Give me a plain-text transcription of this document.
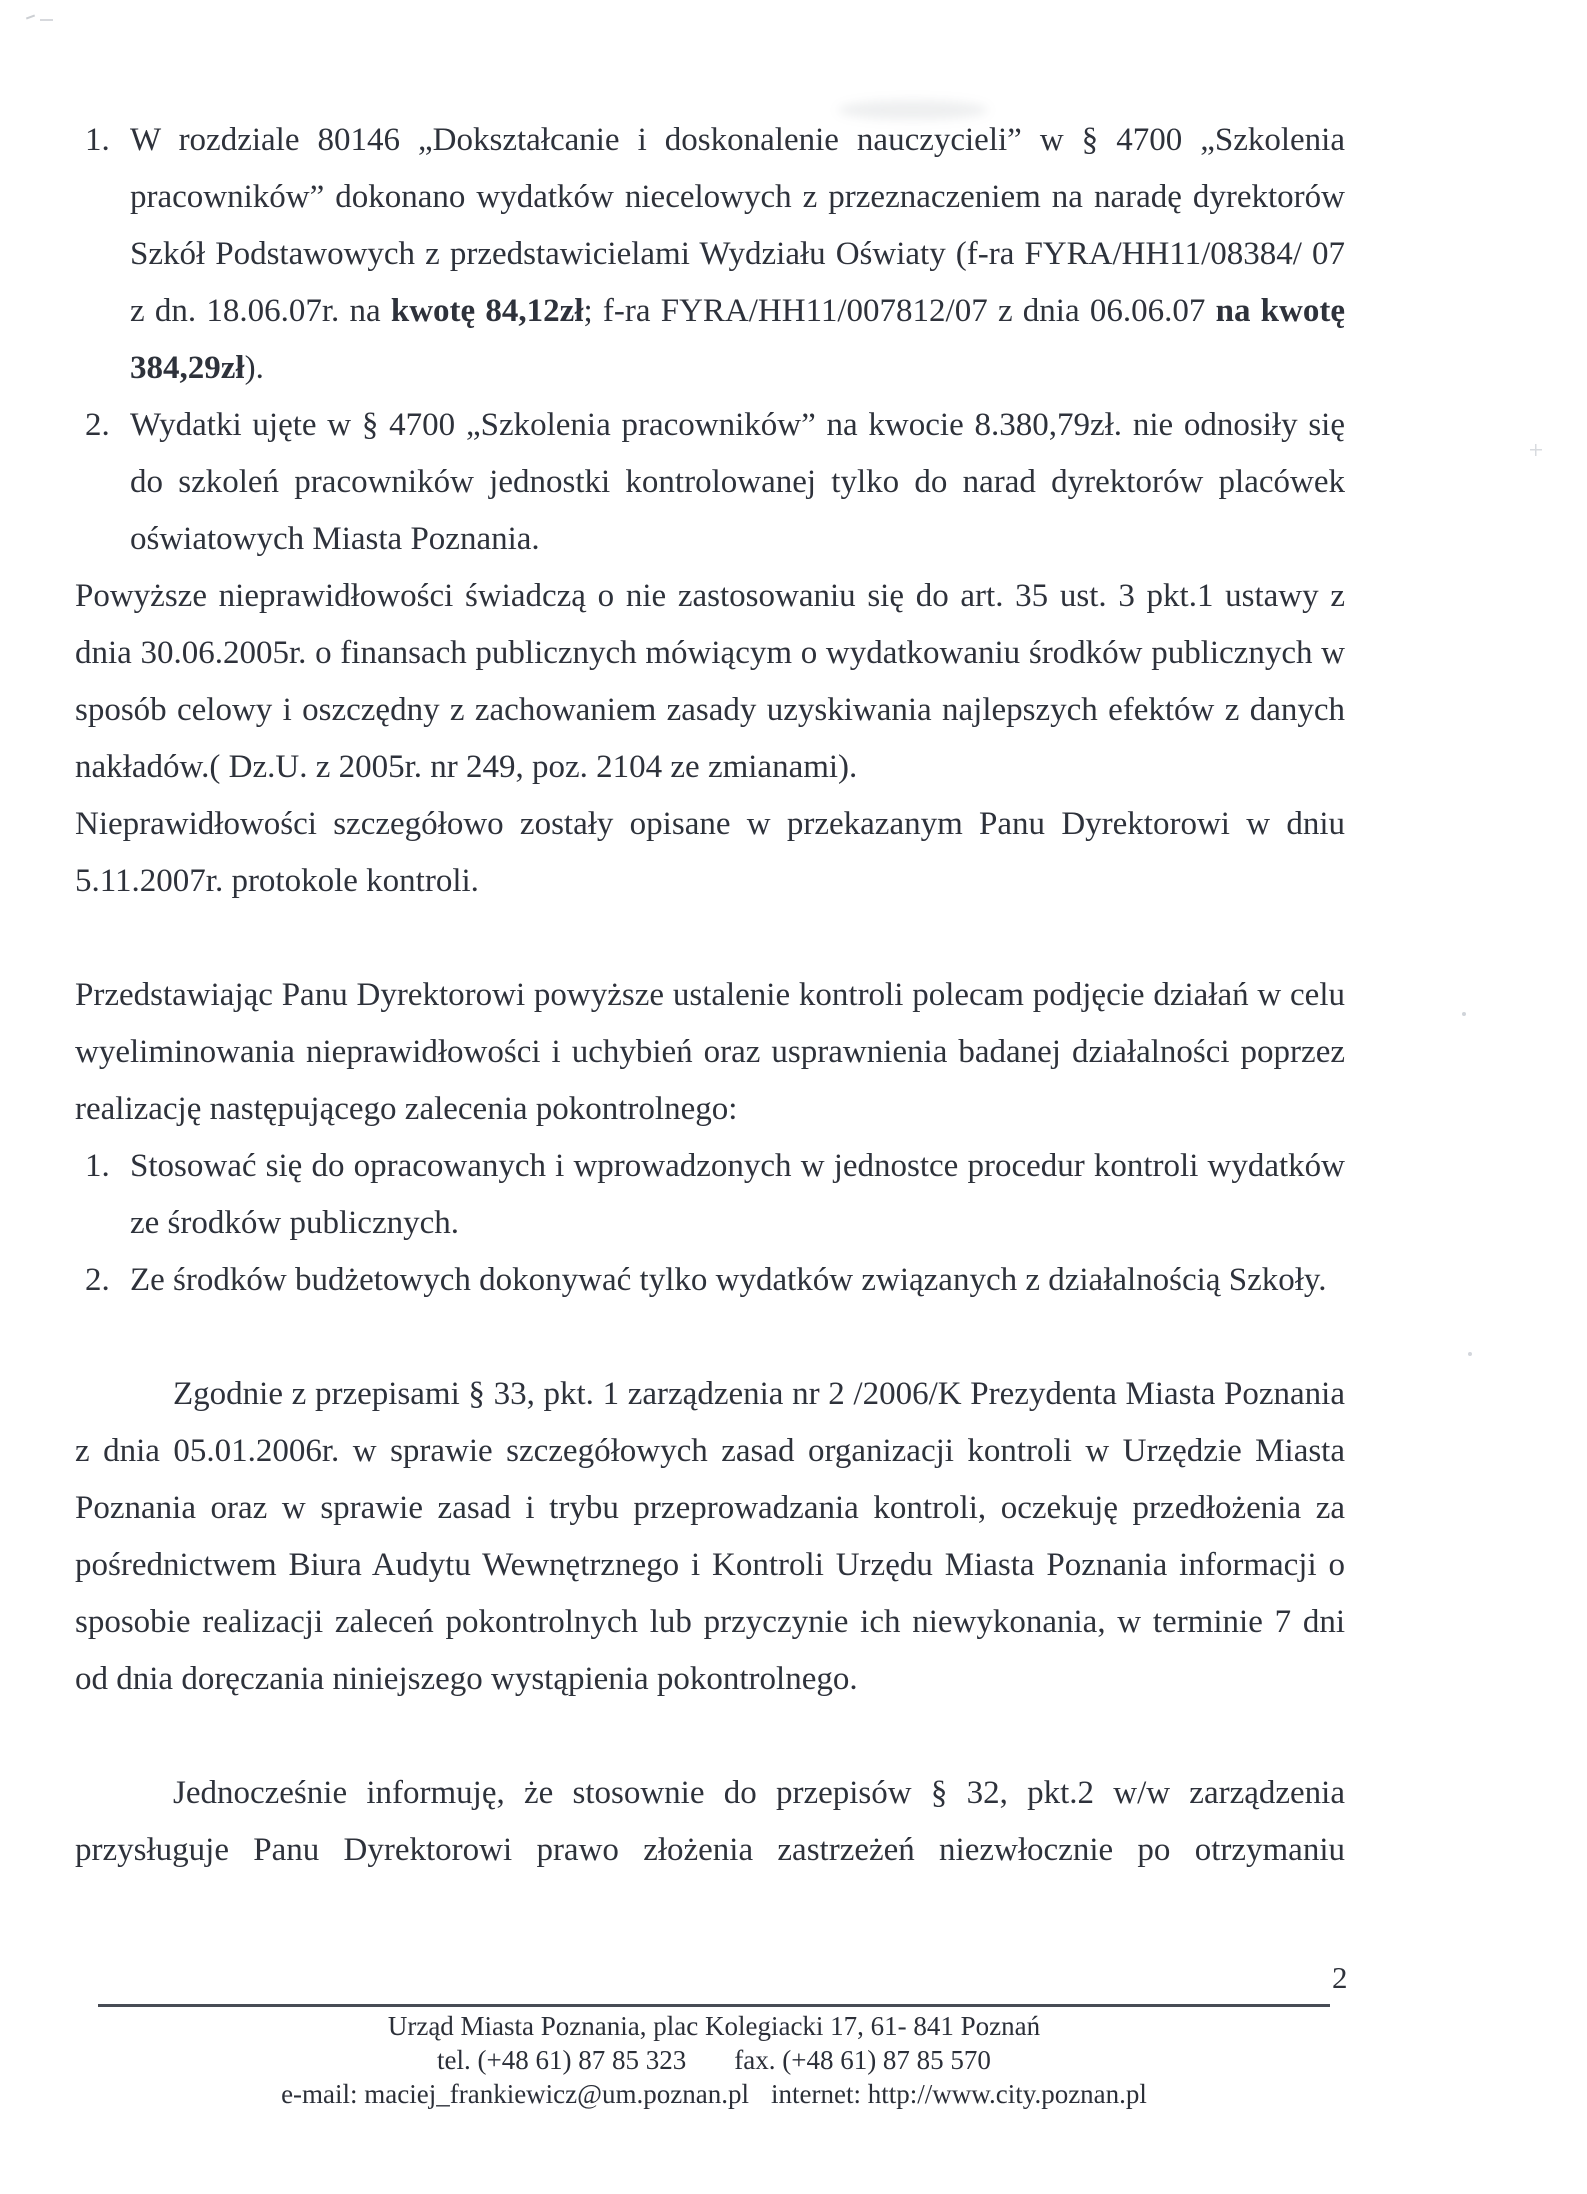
1. W rozdziale 80146 „Dokształcanie i doskonalenie nauczycieli” w § 4700 „Szkolenia pracowników” dokonano wydatków niecelowych z przeznaczeniem na naradę dyrektorów Szkół Podstawowych z przedstawicielami Wydziału Oświaty (f-ra FYRA/HH11/08384/ 07 z dn. 18.06.07r. na kwotę 84,12zł; f-ra FYRA/HH11/007812/07 z dnia 06.06.07 na kwotę 384,29zł).
2. Wydatki ujęte w § 4700 „Szkolenia pracowników” na kwocie 8.380,79zł. nie odnosiły się do szkoleń pracowników jednostki kontrolowanej tylko do narad dyrektorów placówek oświatowych Miasta Poznania.

Powyższe nieprawidłowości świadczą o nie zastosowaniu się do art. 35 ust. 3 pkt.1 ustawy z dnia 30.06.2005r. o finansach publicznych mówiącym o wydatkowaniu środków publicznych w sposób celowy i oszczędny z zachowaniem zasady uzyskiwania najlepszych efektów z danych nakładów.( Dz.U. z 2005r. nr 249, poz. 2104 ze zmianami).

Nieprawidłowości szczegółowo zostały opisane w przekazanym Panu Dyrektorowi w dniu 5.11.2007r. protokole kontroli.

Przedstawiając Panu Dyrektorowi powyższe ustalenie kontroli polecam podjęcie działań w celu wyeliminowania nieprawidłowości i uchybień oraz usprawnienia badanej działalności poprzez realizację następującego zalecenia pokontrolnego:

1. Stosować się do opracowanych i wprowadzonych w jednostce procedur kontroli wydatków ze środków publicznych.
2. Ze środków budżetowych dokonywać tylko wydatków związanych z działalnością Szkoły.

Zgodnie z przepisami § 33, pkt. 1 zarządzenia nr 2 /2006/K Prezydenta Miasta Poznania z dnia 05.01.2006r. w sprawie szczegółowych zasad organizacji kontroli w Urzędzie Miasta Poznania oraz w sprawie zasad i trybu przeprowadzania kontroli, oczekuję przedłożenia za pośrednictwem Biura Audytu Wewnętrznego i Kontroli Urzędu Miasta Poznania informacji o sposobie realizacji zaleceń pokontrolnych lub przyczynie ich niewykonania, w terminie 7 dni od dnia doręczania niniejszego wystąpienia pokontrolnego.

Jednocześnie informuję, że stosownie do przepisów § 32, pkt.2 w/w zarządzenia przysługuje Panu Dyrektorowi prawo złożenia zastrzeżeń niezwłocznie po otrzymaniu

2
Urząd Miasta Poznania, plac Kolegiacki 17, 61- 841 Poznań
tel. (+48 61) 87 85 323 fax. (+48 61) 87 85 570
e-mail: maciej_frankiewicz@um.poznan.pl internet: http://www.city.poznan.pl
